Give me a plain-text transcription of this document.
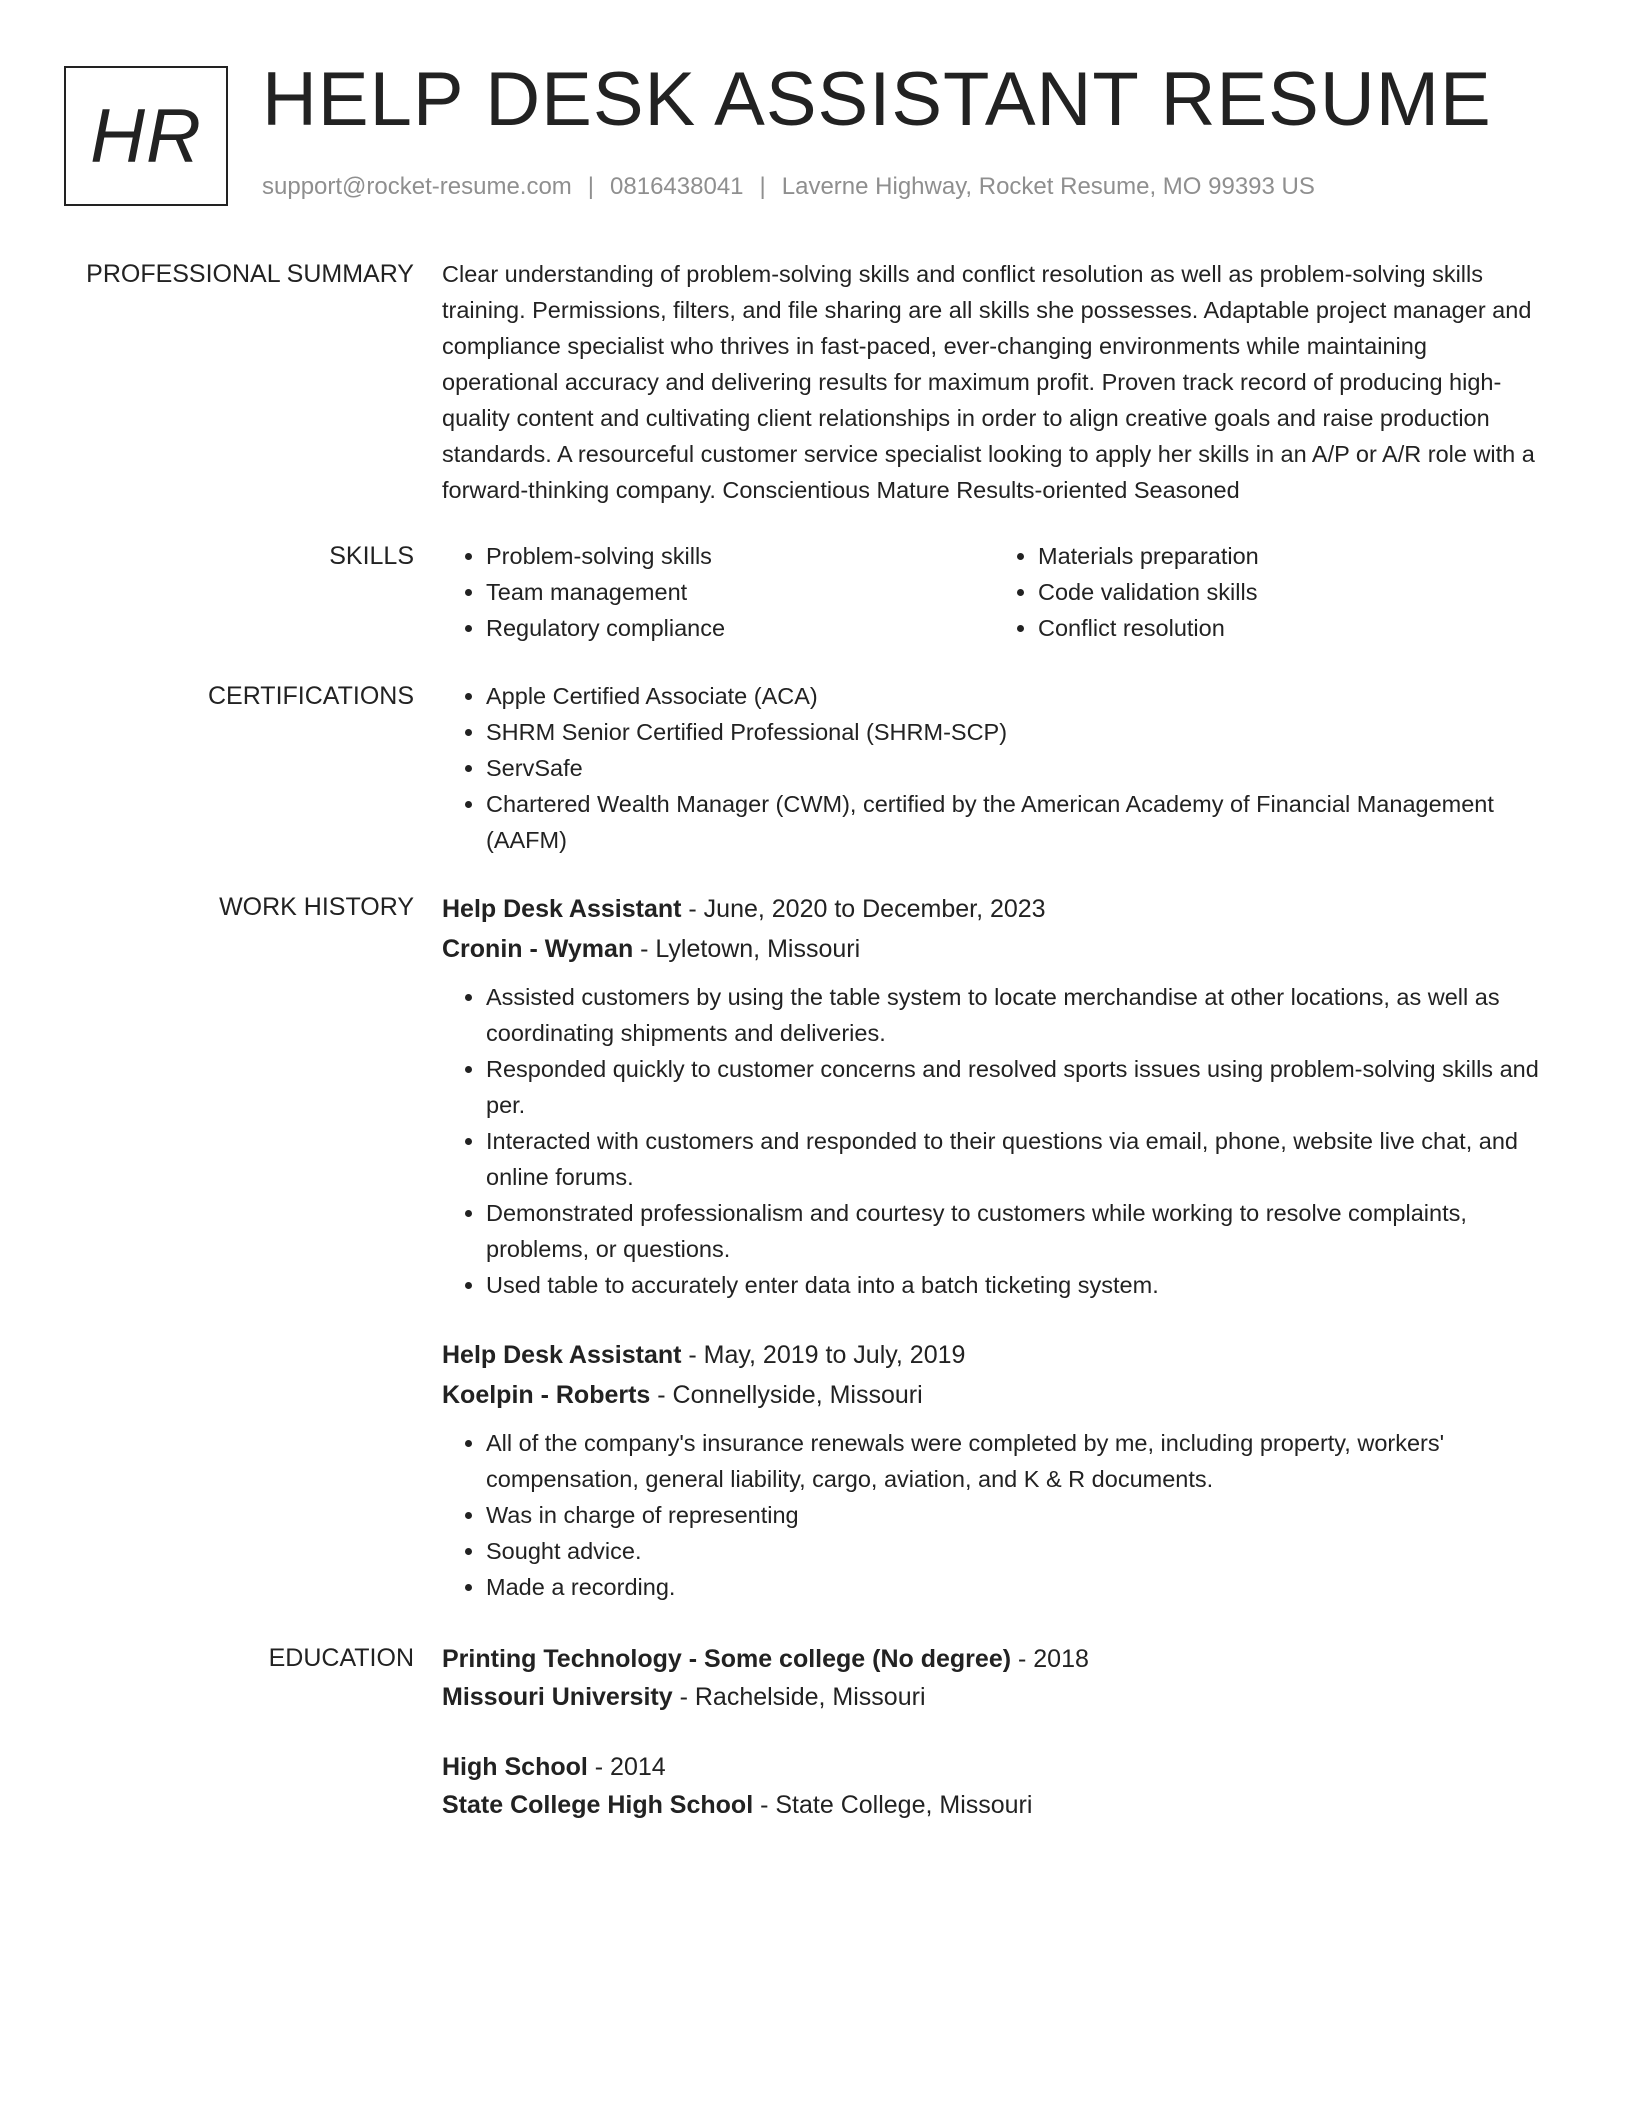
HR HELP DESK ASSISTANT RESUME
support@rocket-resume.com | 0816438041 | Laverne Highway, Rocket Resume, MO 99393 US
PROFESSIONAL SUMMARY Clear understanding of problem-solving skills and conflict resolution as well as problem-solving skills training. Permissions, filters, and file sharing are all skills she possesses. Adaptable project manager and compliance specialist who thrives in fast-paced, ever-changing environments while maintaining operational accuracy and delivering results for maximum profit. Proven track record of producing high-quality content and cultivating client relationships in order to align creative goals and raise production standards. A resourceful customer service specialist looking to apply her skills in an A/P or A/R role with a forward-thinking company. Conscientious Mature Results-oriented Seasoned

SKILLS	• Problem-solving skills
• Team management
• Regulatory compliance
• Materials preparation
• Code validation skills
• Conflict resolution
CERTIFICATIONS	• Apple Certified Associate (ACA)
• SHRM Senior Certified Professional (SHRM-SCP)
• ServSafe
• Chartered Wealth Manager (CWM), certified by the American Academy of Financial Management (AAFM)
WORK HISTORY Help Desk Assistant - June, 2020 to December, 2023
Cronin - Wyman - Lyletown, Missouri
• Assisted customers by using the table system to locate merchandise at other locations, as well as coordinating shipments and deliveries.
• Responded quickly to customer concerns and resolved sports issues using problem-solving skills and per.
• Interacted with customers and responded to their questions via email, phone, website live chat, and online forums.
• Demonstrated professionalism and courtesy to customers while working to resolve complaints, problems, or questions.
• Used table to accurately enter data into a batch ticketing system.
Help Desk Assistant - May, 2019 to July, 2019
Koelpin - Roberts - Connellyside, Missouri
• All of the company's insurance renewals were completed by me, including property, workers' compensation, general liability, cargo, aviation, and K & R documents.
• Was in charge of representing
• Sought advice.
• Made a recording.
EDUCATION Printing Technology - Some college (No degree) - 2018
Missouri University - Rachelside, Missouri
High School - 2014
State College High School - State College, Missouri
